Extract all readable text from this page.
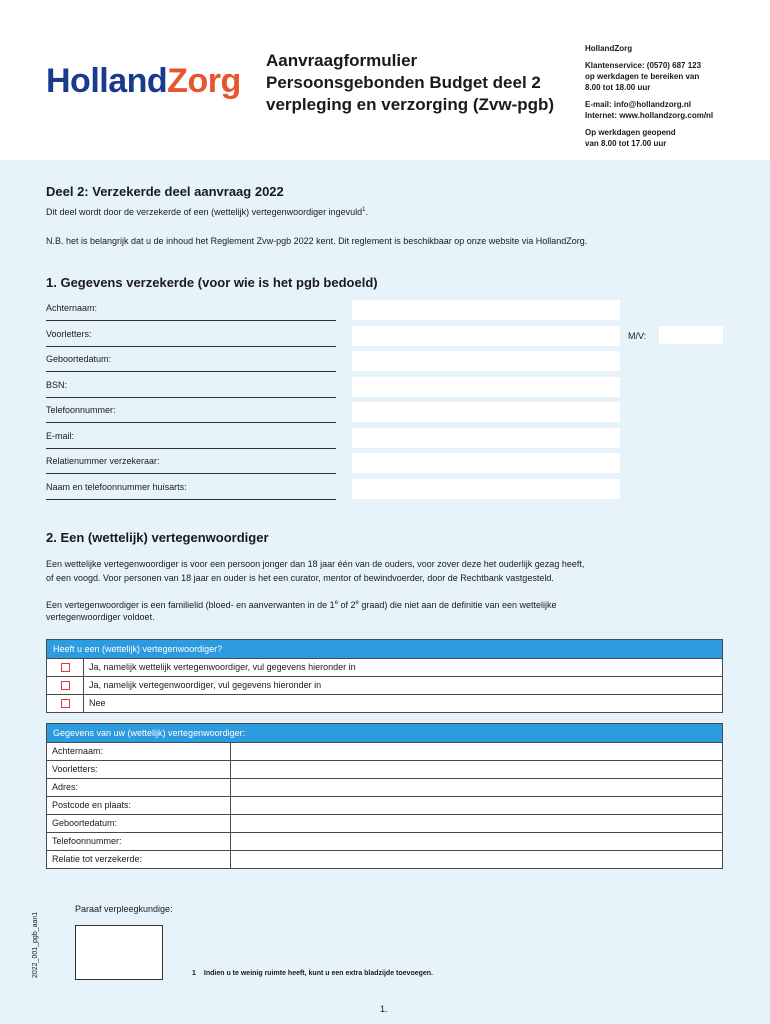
HollandZorg
Aanvraagformulier
Persoonsgebonden Budget deel 2
verpleging en verzorging (Zvw-pgb)
HollandZorg
Klantenservice: (0570) 687 123
op werkdagen te bereiken van
8.00 tot 18.00 uur
E-mail: info@hollandzorg.nl
Internet: www.hollandzorg.com/nl
Op werkdagen geopend
van 8.00 tot 17.00 uur
Deel 2: Verzekerde deel aanvraag 2022
Dit deel wordt door de verzekerde of een (wettelijk) vertegenwoordiger ingevuld$^1$.
N.B. het is belangrijk dat u de inhoud het Reglement Zvw-pgb 2022 kent. Dit reglement is beschikbaar op onze website via HollandZorg.
1. Gegevens verzekerde (voor wie is het pgb bedoeld)
Achternaam:
Voorletters:	M/V:
Geboortedatum:
BSN:
Telefoonnummer:
E-mail:
Relatienummer verzekeraar:
Naam en telefoonnummer huisarts:
2. Een (wettelijk) vertegenwoordiger
Een wettelijke vertegenwoordiger is voor een persoon jonger dan 18 jaar één van de ouders, voor zover deze het ouderlijk gezag heeft,
of een voogd. Voor personen van 18 jaar en ouder is het een curator, mentor of bewindvoerder, door de Rechtbank vastgesteld.
Een vertegenwoordiger is een familielid (bloed- en aanverwanten in de 1e of 2e graad) die niet aan de definitie van een wettelijke
vertegenwoordiger voldoet.
Heeft u een (wettelijk) vertegenwoordiger?
Ja, namelijk wettelijk vertegenwoordiger, vul gegevens hieronder in
Ja, namelijk vertegenwoordiger, vul gegevens hieronder in
Nee
Gegevens van uw (wettelijk) vertegenwoordiger:
Achternaam:
Voorletters:
Adres:
Postcode en plaats:
Geboortedatum:
Telefoonnummer:
Relatie tot verzekerde:
2022_001_pgb_aan1
Paraaf verpleegkundige:
1 Indien u te weinig ruimte heeft, kunt u een extra bladzijde toevoegen.
1.
